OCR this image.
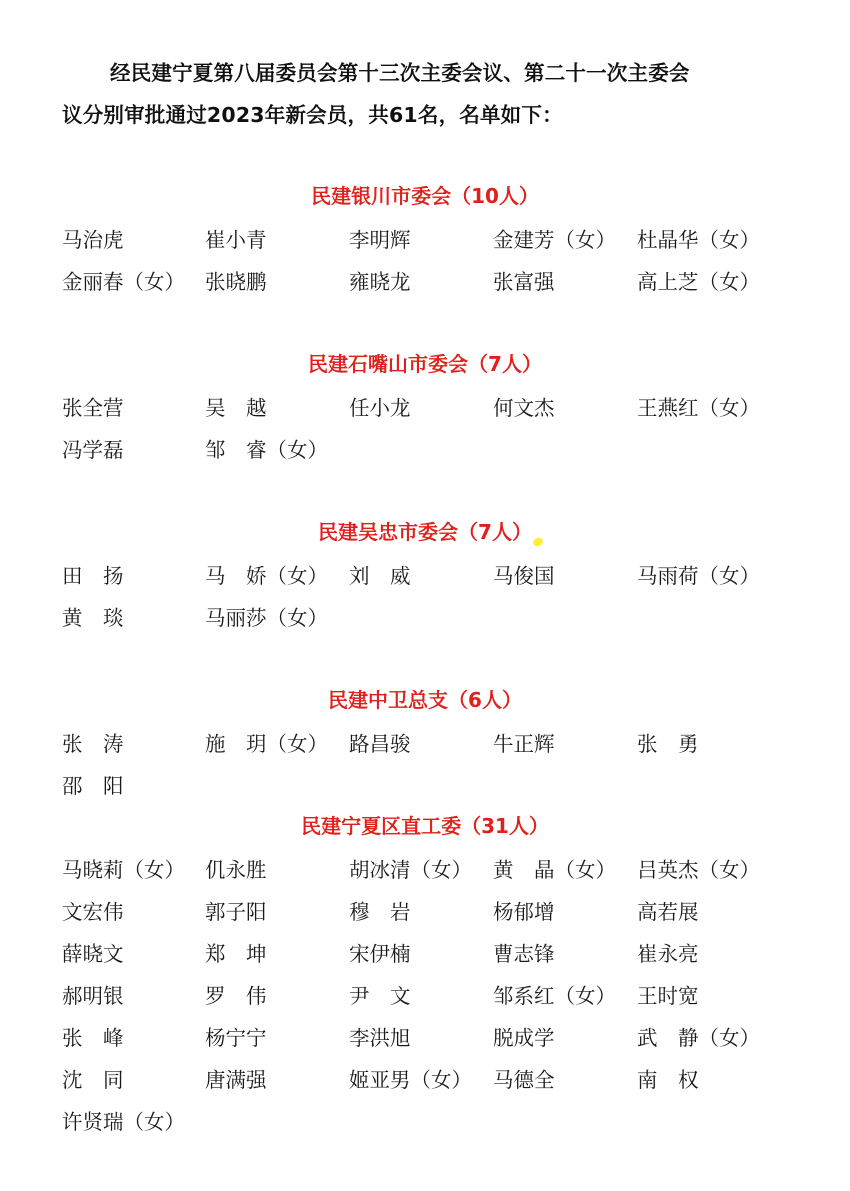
经民建宁夏第八届委员会第十三次主委会议、第二十一次主委会
议分别审批通过2023年新会员，共61名，名单如下：
民建银川市委会（10人）
马治虎	崔小青	李明辉	金建芳（女） 杜晶华（女）
金丽春（女） 张晓鹏	雍晓龙	张富强	高上芝（女）
民建石嘴山市委会（7人）
张全营	吴　越	任小龙	何文杰	王燕红（女）
冯学磊	邹　睿（女）
民建吴忠市委会（7人）
田　扬	马　娇（女） 刘　威	马俊国	马雨荷（女）
黄　琰	马丽莎（女）
民建中卫总支（6人）
张　涛	施　玥（女） 路昌骏	牛正辉	张　勇
邵　阳
民建宁夏区直工委（31人）
马晓莉（女） 仉永胜	胡冰清（女） 黄　晶（女） 吕英杰（女）
文宏伟	郭子阳	穆　岩	杨郁增	高若展
薛晓文	郑　坤	宋伊楠	曹志锋	崔永亮
郝明银	罗　伟	尹　文	邹系红（女） 王时宽
张　峰	杨宁宁	李洪旭	脱成学	武　静（女）
沈　同	唐满强	姬亚男（女） 马德全	南　权
许贤瑞（女）
